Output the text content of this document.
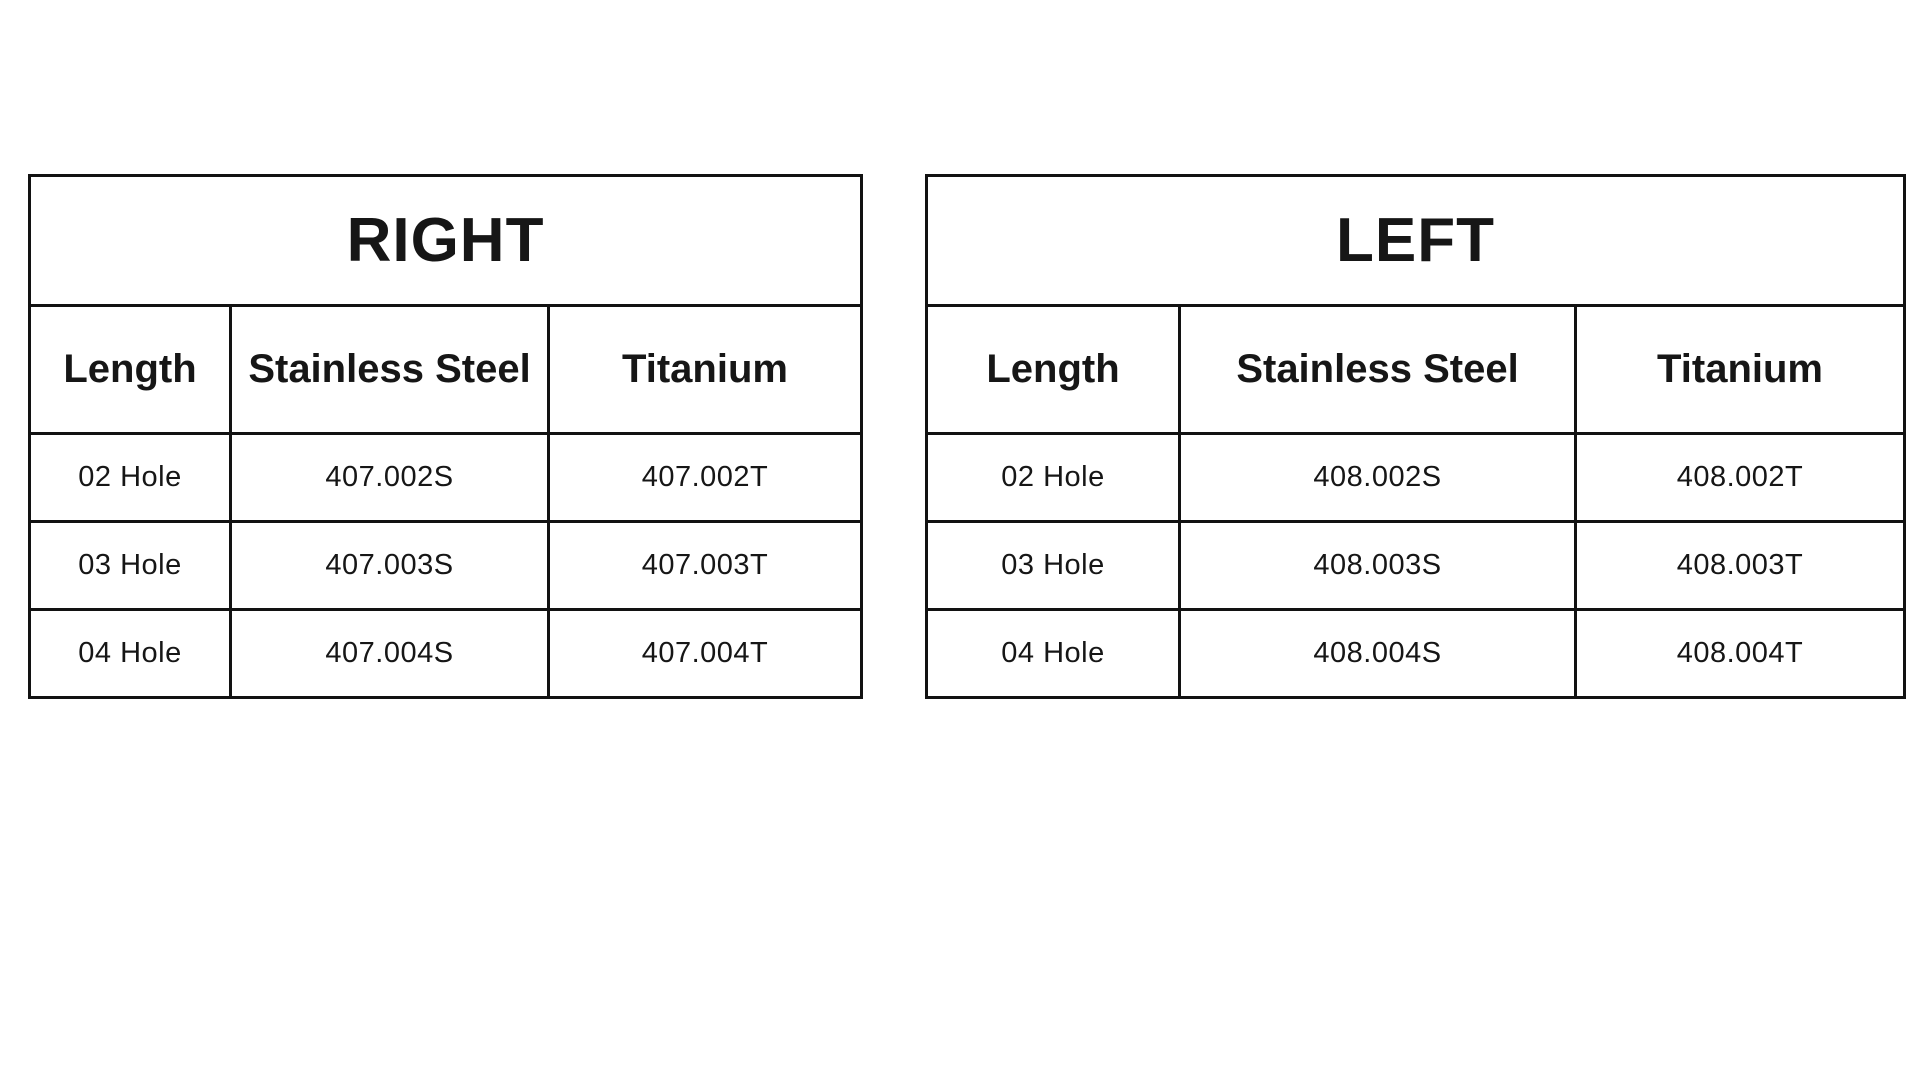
RIGHT		
Length	Stainless Steel	Titanium
02 Hole	407.002S	407.002T
03 Hole	407.003S	407.003T
04 Hole	407.004S	407.004T
LEFT		
Length	Stainless Steel	Titanium
02 Hole	408.002S	408.002T
03 Hole	408.003S	408.003T
04 Hole	408.004S	408.004T
